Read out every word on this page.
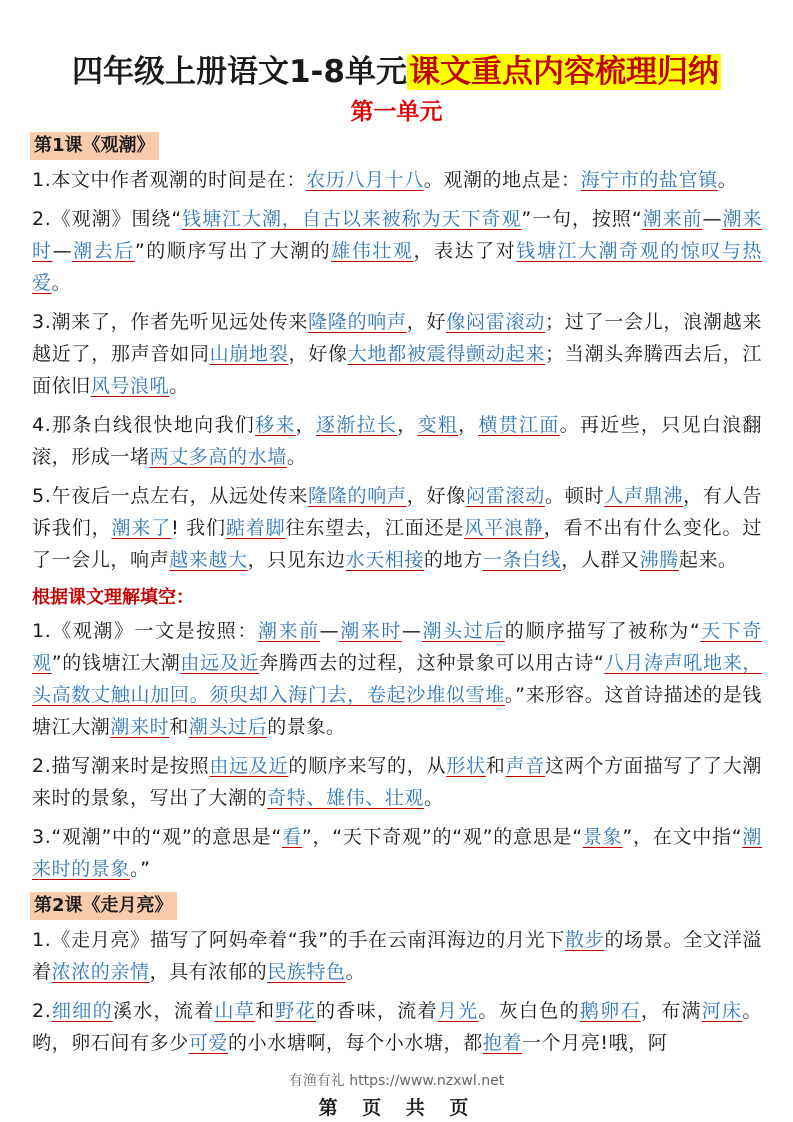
四年级上册语文1-8单元课文重点内容梳理归纳
第一单元
第1课《观潮》

1.本文中作者观潮的时间是在：农历八月十八。观潮的地点是：海宁市的盐官镇。

2.《观潮》围绕“钱塘江大潮，自古以来被称为天下奇观”一句，按照“潮来前—潮来时—潮去后”的顺序写出了大潮的雄伟壮观，表达了对钱塘江大潮奇观的惊叹与热爱。

3.潮来了，作者先听见远处传来隆隆的响声，好像闷雷滚动；过了一会儿，浪潮越来越近了，那声音如同山崩地裂，好像大地都被震得颤动起来；当潮头奔腾西去后，江面依旧风号浪吼。

4.那条白线很快地向我们移来，逐渐拉长，变粗，横贯江面。再近些，只见白浪翻滚，形成一堵两丈多高的水墙。

5.午夜后一点左右，从远处传来隆隆的响声，好像闷雷滚动。顿时人声鼎沸，有人告诉我们，潮来了! 我们踮着脚往东望去，江面还是风平浪静，看不出有什么变化。过了一会儿，响声越来越大，只见东边水天相接的地方一条白线，人群又沸腾起来。

根据课文理解填空：

1.《观潮》一文是按照：潮来前—潮来时—潮头过后的顺序描写了被称为“天下奇观”的钱塘江大潮由远及近奔腾西去的过程，这种景象可以用古诗“八月涛声吼地来，头高数丈触山加回。须臾却入海门去，卷起沙堆似雪堆。”来形容。这首诗描述的是钱塘江大潮潮来时和潮头过后的景象。

2.描写潮来时是按照由远及近的顺序来写的，从形状和声音这两个方面描写了了大潮来时的景象，写出了大潮的奇特、雄伟、壮观。

3.“观潮”中的“观”的意思是“看”，“天下奇观”的“观”的意思是“景象”，在文中指“潮来时的景象。”

第2课《走月亮》

1.《走月亮》描写了阿妈牵着“我”的手在云南洱海边的月光下散步的场景。全文洋溢着浓浓的亲情，具有浓郁的民族特色。

2.细细的溪水，流着山草和野花的香味，流着月光。灰白色的鹅卵石，布满河床。哟，卵石间有多少可爱的小水塘啊，每个小水塘，都抱着一个月亮!哦，阿

有渔有礼 https://www.nzxwl.net
第 页 共 页
